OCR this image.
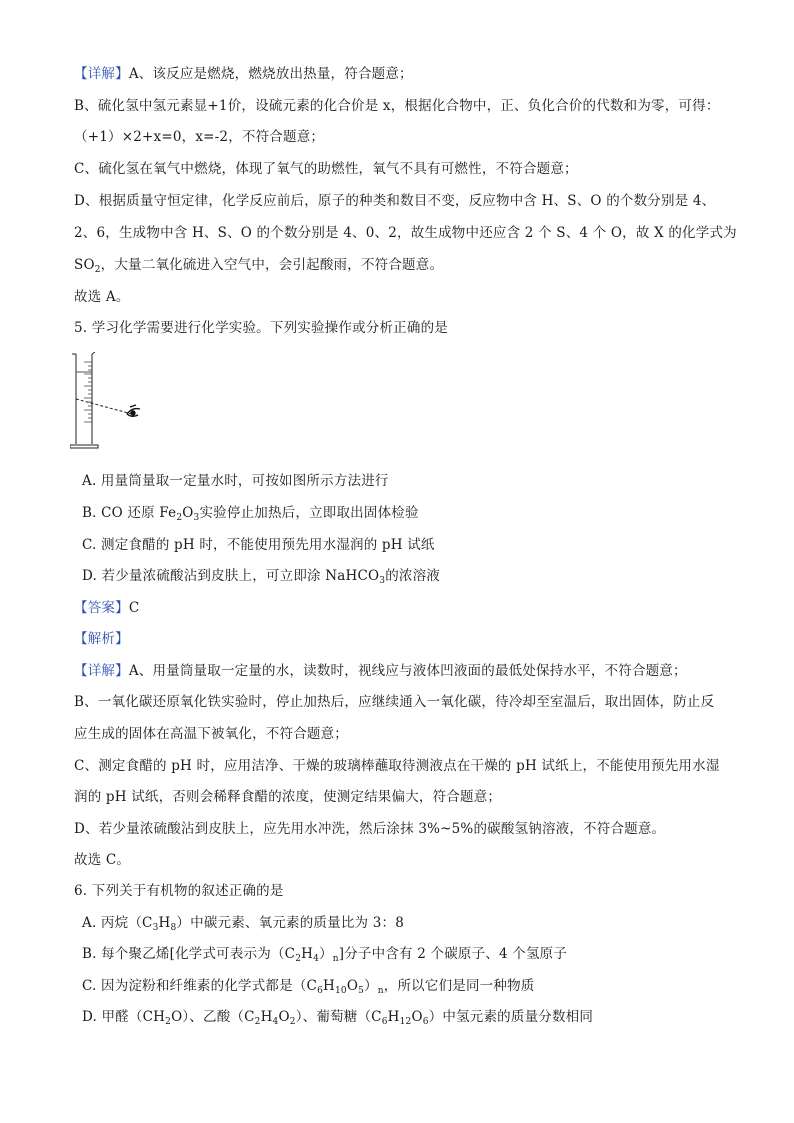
【详解】A、该反应是燃烧，燃烧放出热量，符合题意；
B、硫化氢中氢元素显+1价，设硫元素的化合价是 x，根据化合物中，正、负化合价的代数和为零，可得：
（+1）×2+x=0，x=-2，不符合题意；
C、硫化氢在氧气中燃烧，体现了氧气的助燃性，氧气不具有可燃性，不符合题意；
D、根据质量守恒定律，化学反应前后，原子的种类和数目不变，反应物中含 H、S、O 的个数分别是 4、
2、6，生成物中含 H、S、O 的个数分别是 4、0、2，故生成物中还应含 2 个 S、4 个 O，故 X 的化学式为
$SO_2$，大量二氧化硫进入空气中，会引起酸雨，不符合题意。
故选 A。
5. 学习化学需要进行化学实验。下列实验操作或分析正确的是
A. 用量筒量取一定量水时，可按如图所示方法进行
B. CO 还原 $Fe_2O_3$实验停止加热后，立即取出固体检验
C. 测定食醋的 pH 时，不能使用预先用水湿润的 pH 试纸
D. 若少量浓硫酸沾到皮肤上，可立即涂 NaHCO$_3$的浓溶液
【答案】C
【解析】
【详解】A、用量筒量取一定量的水，读数时，视线应与液体凹液面的最低处保持水平，不符合题意；
B、一氧化碳还原氧化铁实验时，停止加热后，应继续通入一氧化碳，待冷却至室温后，取出固体，防止反
应生成的固体在高温下被氧化，不符合题意；
C、测定食醋的 pH 时，应用洁净、干燥的玻璃棒蘸取待测液点在干燥的 pH 试纸上，不能使用预先用水湿
润的 pH 试纸，否则会稀释食醋的浓度，使测定结果偏大，符合题意；
D、若少量浓硫酸沾到皮肤上，应先用水冲洗，然后涂抹 3%~5%的碳酸氢钠溶液，不符合题意。
故选 C。
6. 下列关于有机物的叙述正确的是
A. 丙烷$(C_3H_8)$中碳元素、氧元素的质量比为 3：8
B. 每个聚乙烯[化学式可表示为$(C_2H_4)_n$]分子中含有 2 个碳原子、4 个氢原子
C. 因为淀粉和纤维素的化学式都是$(C_6H_{10}O_5)_n$，所以它们是同一种物质
D. 甲醛$(CH_2O)$、乙酸$(C_2H_4O_2)$、葡萄糖$(C_6H_{12}O_6)$中氢元素的质量分数相同
